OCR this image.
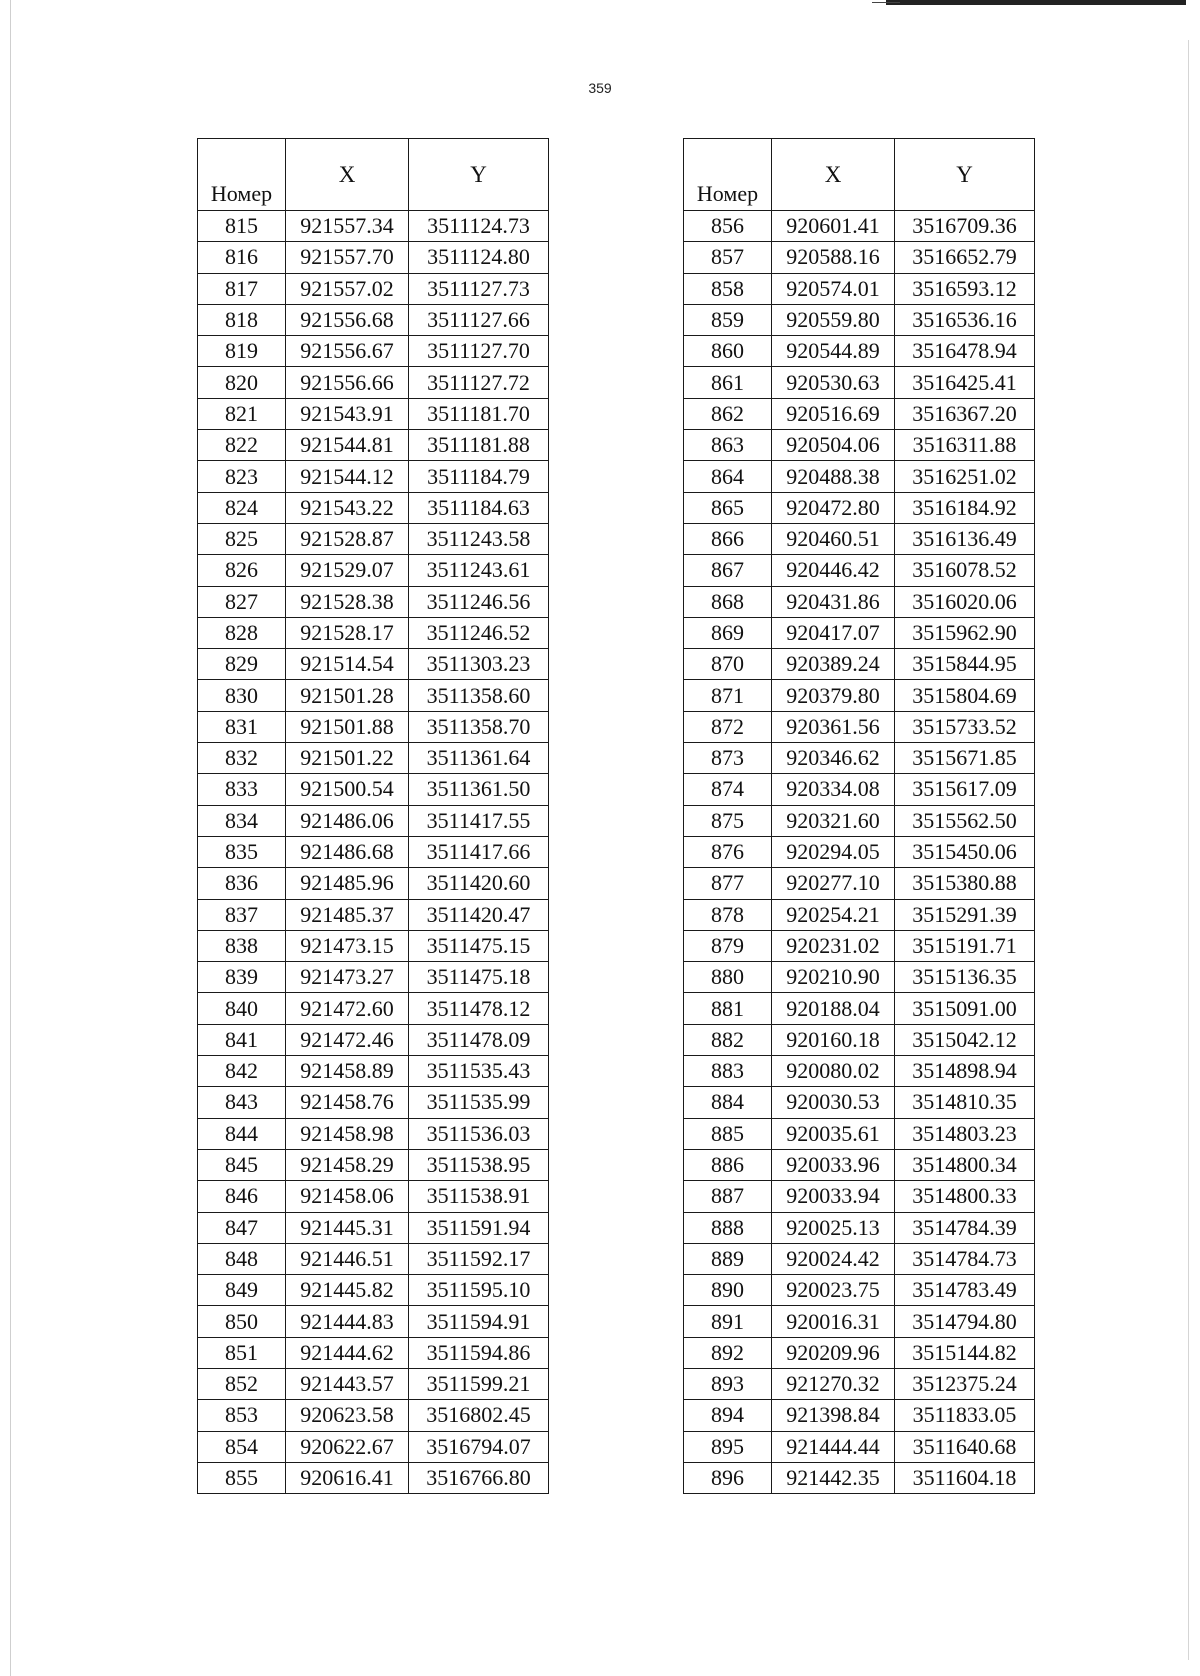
359
Номер	X	Y
815	921557.34	3511124.73
816	921557.70	3511124.80
817	921557.02	3511127.73
818	921556.68	3511127.66
819	921556.67	3511127.70
820	921556.66	3511127.72
821	921543.91	3511181.70
822	921544.81	3511181.88
823	921544.12	3511184.79
824	921543.22	3511184.63
825	921528.87	3511243.58
826	921529.07	3511243.61
827	921528.38	3511246.56
828	921528.17	3511246.52
829	921514.54	3511303.23
830	921501.28	3511358.60
831	921501.88	3511358.70
832	921501.22	3511361.64
833	921500.54	3511361.50
834	921486.06	3511417.55
835	921486.68	3511417.66
836	921485.96	3511420.60
837	921485.37	3511420.47
838	921473.15	3511475.15
839	921473.27	3511475.18
840	921472.60	3511478.12
841	921472.46	3511478.09
842	921458.89	3511535.43
843	921458.76	3511535.99
844	921458.98	3511536.03
845	921458.29	3511538.95
846	921458.06	3511538.91
847	921445.31	3511591.94
848	921446.51	3511592.17
849	921445.82	3511595.10
850	921444.83	3511594.91
851	921444.62	3511594.86
852	921443.57	3511599.21
853	920623.58	3516802.45
854	920622.67	3516794.07
855	920616.41	3516766.80
Номер	X	Y
856	920601.41	3516709.36
857	920588.16	3516652.79
858	920574.01	3516593.12
859	920559.80	3516536.16
860	920544.89	3516478.94
861	920530.63	3516425.41
862	920516.69	3516367.20
863	920504.06	3516311.88
864	920488.38	3516251.02
865	920472.80	3516184.92
866	920460.51	3516136.49
867	920446.42	3516078.52
868	920431.86	3516020.06
869	920417.07	3515962.90
870	920389.24	3515844.95
871	920379.80	3515804.69
872	920361.56	3515733.52
873	920346.62	3515671.85
874	920334.08	3515617.09
875	920321.60	3515562.50
876	920294.05	3515450.06
877	920277.10	3515380.88
878	920254.21	3515291.39
879	920231.02	3515191.71
880	920210.90	3515136.35
881	920188.04	3515091.00
882	920160.18	3515042.12
883	920080.02	3514898.94
884	920030.53	3514810.35
885	920035.61	3514803.23
886	920033.96	3514800.34
887	920033.94	3514800.33
888	920025.13	3514784.39
889	920024.42	3514784.73
890	920023.75	3514783.49
891	920016.31	3514794.80
892	920209.96	3515144.82
893	921270.32	3512375.24
894	921398.84	3511833.05
895	921444.44	3511640.68
896	921442.35	3511604.18
